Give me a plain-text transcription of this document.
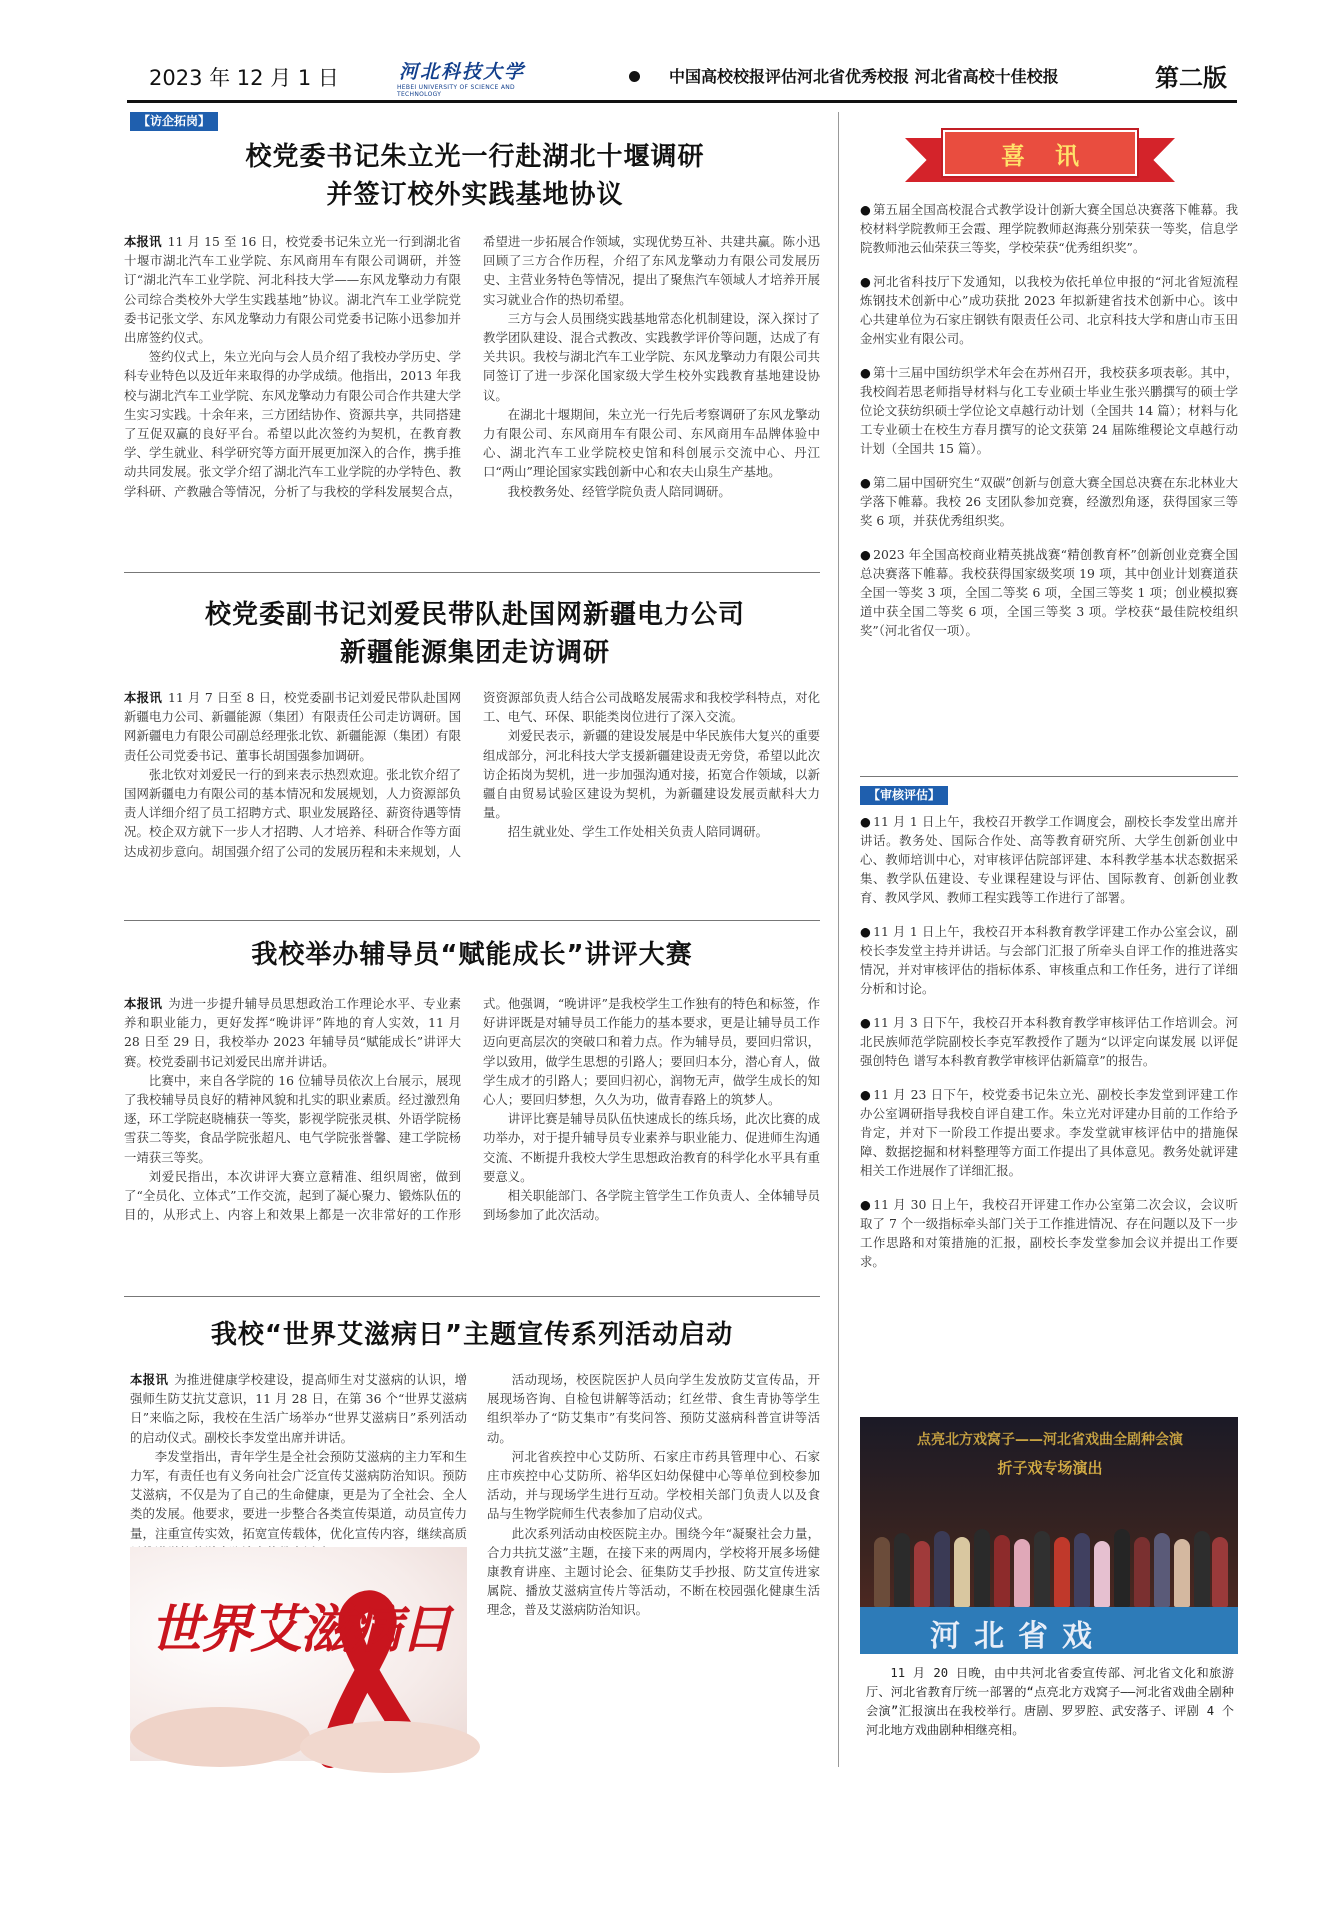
2023 年 12 月 1 日	河北科技大学
HEBEI UNIVERSITY OF SCIENCE AND TECHNOLOGY
中国高校校报评估河北省优秀校报 河北省高校十佳校报	第二版
【访企拓岗】
校党委书记朱立光一行赴湖北十堰调研
并签订校外实践基地协议

本报讯 11 月 15 至 16 日，校党委书记朱立光一行到湖北省十堰市湖北汽车工业学院、东风商用车有限公司调研，并签订“湖北汽车工业学院、河北科技大学——东风龙擎动力有限公司综合类校外大学生实践基地”协议。湖北汽车工业学院党委书记张文学、东风龙擎动力有限公司党委书记陈小迅参加并出席签约仪式。

签约仪式上，朱立光向与会人员介绍了我校办学历史、学科专业特色以及近年来取得的办学成绩。他指出，2013 年我校与湖北汽车工业学院、东风龙擎动力有限公司合作共建大学生实习实践。十余年来，三方团结协作、资源共享，共同搭建了互促双赢的良好平台。希望以此次签约为契机，在教育教学、学生就业、科学研究等方面开展更加深入的合作，携手推动共同发展。张文学介绍了湖北汽车工业学院的办学特色、教学科研、产教融合等情况，分析了与我校的学科发展契合点，希望进一步拓展合作领域，实现优势互补、共建共赢。陈小迅回顾了三方合作历程，介绍了东风龙擎动力有限公司发展历史、主营业务特色等情况，提出了聚焦汽车领域人才培养开展实习就业合作的热切希望。

三方与会人员围绕实践基地常态化机制建设，深入探讨了教学团队建设、混合式教改、实践教学评价等问题，达成了有关共识。我校与湖北汽车工业学院、东风龙擎动力有限公司共同签订了进一步深化国家级大学生校外实践教育基地建设协议。

在湖北十堰期间，朱立光一行先后考察调研了东风龙擎动力有限公司、东风商用车有限公司、东风商用车品牌体验中心、湖北汽车工业学院校史馆和科创展示交流中心、丹江口“两山”理论国家实践创新中心和农夫山泉生产基地。

我校教务处、经管学院负责人陪同调研。

校党委副书记刘爱民带队赴国网新疆电力公司
新疆能源集团走访调研

本报讯 11 月 7 日至 8 日，校党委副书记刘爱民带队赴国网新疆电力公司、新疆能源（集团）有限责任公司走访调研。国网新疆电力有限公司副总经理张北钦、新疆能源（集团）有限责任公司党委书记、董事长胡国强参加调研。

张北钦对刘爱民一行的到来表示热烈欢迎。张北钦介绍了国网新疆电力有限公司的基本情况和发展规划，人力资源部负责人详细介绍了员工招聘方式、职业发展路径、薪资待遇等情况。校企双方就下一步人才招聘、人才培养、科研合作等方面达成初步意向。胡国强介绍了公司的发展历程和未来规划，人资资源部负责人结合公司战略发展需求和我校学科特点，对化工、电气、环保、职能类岗位进行了深入交流。

刘爱民表示，新疆的建设发展是中华民族伟大复兴的重要组成部分，河北科技大学支援新疆建设责无旁贷，希望以此次访企拓岗为契机，进一步加强沟通对接，拓宽合作领域，以新疆自由贸易试验区建设为契机，为新疆建设发展贡献科大力量。

招生就业处、学生工作处相关负责人陪同调研。

我校举办辅导员“赋能成长”讲评大赛

本报讯 为进一步提升辅导员思想政治工作理论水平、专业素养和职业能力，更好发挥“晚讲评”阵地的育人实效，11 月 28 日至 29 日，我校举办 2023 年辅导员“赋能成长”讲评大赛。校党委副书记刘爱民出席并讲话。

比赛中，来自各学院的 16 位辅导员依次上台展示，展现了我校辅导员良好的精神风貌和扎实的职业素质。经过激烈角逐，环工学院赵晓楠获一等奖，影视学院张灵棋、外语学院杨雪获二等奖，食品学院张超凡、电气学院张誉馨、建工学院杨一靖获三等奖。

刘爱民指出，本次讲评大赛立意精准、组织周密，做到了“全员化、立体式”工作交流，起到了凝心聚力、锻炼队伍的目的，从形式上、内容上和效果上都是一次非常好的工作形式。他强调，“晚讲评”是我校学生工作独有的特色和标签，作好讲评既是对辅导员工作能力的基本要求，更是让辅导员工作迈向更高层次的突破口和着力点。作为辅导员，要回归常识，学以致用，做学生思想的引路人；要回归本分，潜心育人，做学生成才的引路人；要回归初心，润物无声，做学生成长的知心人；要回归梦想，久久为功，做青春路上的筑梦人。

讲评比赛是辅导员队伍快速成长的练兵场，此次比赛的成功举办，对于提升辅导员专业素养与职业能力、促进师生沟通交流、不断提升我校大学生思想政治教育的科学化水平具有重要意义。

相关职能部门、各学院主管学生工作负责人、全体辅导员到场参加了此次活动。

我校“世界艾滋病日”主题宣传系列活动启动

本报讯 为推进健康学校建设，提高师生对艾滋病的认识，增强师生防艾抗艾意识，11 月 28 日，在第 36 个“世界艾滋病日”来临之际，我校在生活广场举办“世界艾滋病日”系列活动的启动仪式。副校长李发堂出席并讲话。

李发堂指出，青年学生是全社会预防艾滋病的主力军和生力军，有责任也有义务向社会广泛宣传艾滋病防治知识。预防艾滋病，不仅是为了自己的生命健康，更是为了全社会、全人类的发展。他要求，要进一步整合各类宣传渠道，动员宣传力量，注重宣传实效，拓宽宣传载体，优化宣传内容，继续高质

世界艾滋病日

活动现场，校医院医护人员向学生发放防艾宣传品，开展现场咨询、自检包讲解等活动；红丝带、食生青协等学生组织举办了“防艾集市”有奖问答、预防艾滋病科普宣讲等活动。

河北省疾控中心艾防所、石家庄市药具管理中心、石家庄市疾控中心艾防所、裕华区妇幼保健中心等单位到校参加活动，并与现场学生进行互动。学校相关部门负责人以及食品与生物学院师生代表参加了启动仪式。

此次系列活动由校医院主办。围绕今年“凝聚社会力量，合力共抗艾滋”主题，在接下来的两周内，学校将开展多场健康教育讲座、主题讨论会、征集防艾手抄报、防艾宣传进家属院、播放艾滋病宣传片等活动，不断在校园强化健康生活理念，普及艾滋病防治知识。

喜讯
● 第五届全国高校混合式教学设计创新大赛全国总决赛落下帷幕。我校材料学院教师王会霞、理学院教师赵海燕分别荣获一等奖，信息学院教师池云仙荣获三等奖，学校荣获“优秀组织奖”。
● 河北省科技厅下发通知，以我校为依托单位申报的“河北省短流程炼钢技术创新中心”成功获批 2023 年拟新建省技术创新中心。该中心共建单位为石家庄钢铁有限责任公司、北京科技大学和唐山市玉田金州实业有限公司。
● 第十三届中国纺织学术年会在苏州召开，我校获多项表彰。其中，我校阎若思老师指导材料与化工专业硕士毕业生张兴鹏撰写的硕士学位论文获纺织硕士学位论文卓越行动计划（全国共 14 篇）；材料与化工专业硕士在校生方春月撰写的论文获第 24 届陈维稷论文卓越行动计划（全国共 15 篇）。
● 第二届中国研究生“双碳”创新与创意大赛全国总决赛在东北林业大学落下帷幕。我校 26 支团队参加竞赛，经激烈角逐，获得国家三等奖 6 项，并获优秀组织奖。
● 2023 年全国高校商业精英挑战赛“精创教育杯”创新创业竞赛全国总决赛落下帷幕。我校获得国家级奖项 19 项，其中创业计划赛道获全国一等奖 3 项，全国二等奖 6 项，全国三等奖 1 项；创业模拟赛道中获全国二等奖 6 项，全国三等奖 3 项。学校获“最佳院校组织奖”（河北省仅一项）。
【审核评估】
● 11 月 1 日上午，我校召开教学工作调度会，副校长李发堂出席并讲话。教务处、国际合作处、高等教育研究所、大学生创新创业中心、教师培训中心，对审核评估院部评建、本科教学基本状态数据采集、教学队伍建设、专业课程建设与评估、国际教育、创新创业教育、教风学风、教师工程实践等工作进行了部署。
● 11 月 1 日上午，我校召开本科教育教学评建工作办公室会议，副校长李发堂主持并讲话。与会部门汇报了所牵头自评工作的推进落实情况，并对审核评估的指标体系、审核重点和工作任务，进行了详细分析和讨论。
● 11 月 3 日下午，我校召开本科教育教学审核评估工作培训会。河北民族师范学院副校长李克军教授作了题为“以评定向谋发展 以评促强创特色 谱写本科教育教学审核评估新篇章”的报告。
● 11 月 23 日下午，校党委书记朱立光、副校长李发堂到评建工作办公室调研指导我校自评自建工作。朱立光对评建办目前的工作给予肯定，并对下一阶段工作提出要求。李发堂就审核评估中的措施保障、数据挖掘和材料整理等方面工作提出了具体意见。教务处就评建相关工作进展作了详细汇报。
● 11 月 30 日上午，我校召开评建工作办公室第二次会议，会议听取了 7 个一级指标牵头部门关于工作推进情况、存在问题以及下一步工作思路和对策措施的汇报，副校长李发堂参加会议并提出工作要求。
点亮北方戏窝子——河北省戏曲全剧种会演
折子戏专场演出
河北省戏
11 月 20 日晚，由中共河北省委宣传部、河北省文化和旅游厅、河北省教育厅统一部署的“点亮北方戏窝子——河北省戏曲全剧种会演”汇报演出在我校举行。唐剧、罗罗腔、武安落子、评剧 4 个河北地方戏曲剧种相继亮相。
